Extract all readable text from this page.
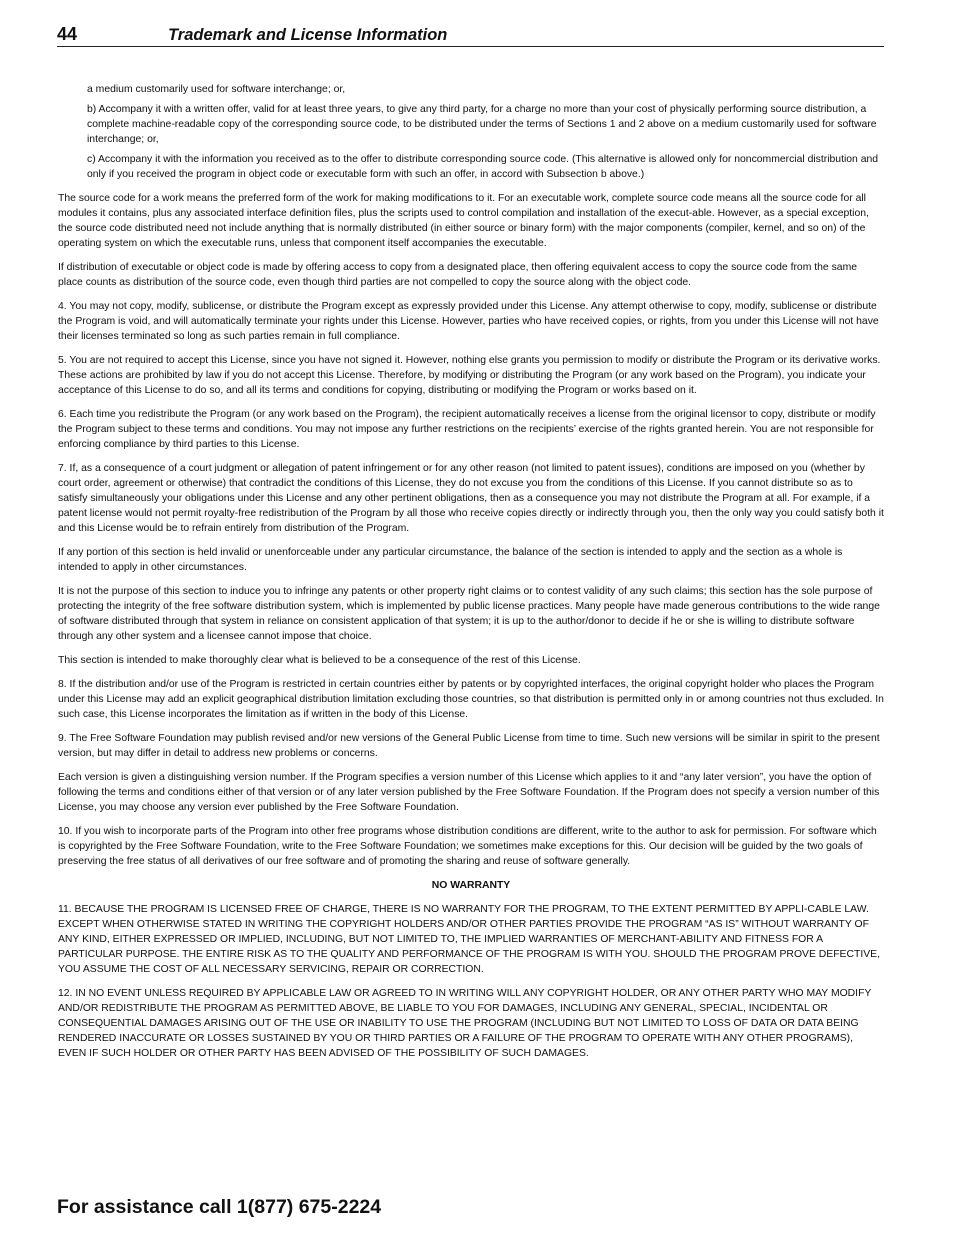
44	Trademark and License Information

a medium customarily used for software interchange; or,

b) Accompany it with a written offer, valid for at least three years, to give any third party, for a charge no more than your cost of physically performing source distribution, a complete machine-readable copy of the corresponding source code, to be distributed under the terms of Sections 1 and 2 above on a medium customarily used for software interchange; or,

c) Accompany it with the information you received as to the offer to distribute corresponding source code. (This alternative is allowed only for noncommercial distribution and only if you received the program in object code or executable form with such an offer, in accord with Subsection b above.)

The source code for a work means the preferred form of the work for making modifications to it. For an executable work, complete source code means all the source code for all modules it contains, plus any associated interface definition files, plus the scripts used to control compilation and installation of the execut-able. However, as a special exception, the source code distributed need not include anything that is normally distributed (in either source or binary form) with the major components (compiler, kernel, and so on) of the operating system on which the executable runs, unless that component itself accompanies the executable.

If distribution of executable or object code is made by offering access to copy from a designated place, then offering equivalent access to copy the source code from the same place counts as distribution of the source code, even though third parties are not compelled to copy the source along with the object code.

4. You may not copy, modify, sublicense, or distribute the Program except as expressly provided under this License. Any attempt otherwise to copy, modify, sublicense or distribute the Program is void, and will automatically terminate your rights under this License. However, parties who have received copies, or rights, from you under this License will not have their licenses terminated so long as such parties remain in full compliance.

5. You are not required to accept this License, since you have not signed it. However, nothing else grants you permission to modify or distribute the Program or its derivative works. These actions are prohibited by law if you do not accept this License. Therefore, by modifying or distributing the Program (or any work based on the Program), you indicate your acceptance of this License to do so, and all its terms and conditions for copying, distributing or modifying the Program or works based on it.

6. Each time you redistribute the Program (or any work based on the Program), the recipient automatically receives a license from the original licensor to copy, distribute or modify the Program subject to these terms and conditions. You may not impose any further restrictions on the recipients’ exercise of the rights granted herein. You are not responsible for enforcing compliance by third parties to this License.

7. If, as a consequence of a court judgment or allegation of patent infringement or for any other reason (not limited to patent issues), conditions are imposed on you (whether by court order, agreement or otherwise) that contradict the conditions of this License, they do not excuse you from the conditions of this License. If you cannot distribute so as to satisfy simultaneously your obligations under this License and any other pertinent obligations, then as a consequence you may not distribute the Program at all. For example, if a patent license would not permit royalty-free redistribution of the Program by all those who receive copies directly or indirectly through you, then the only way you could satisfy both it and this License would be to refrain entirely from distribution of the Program.

If any portion of this section is held invalid or unenforceable under any particular circumstance, the balance of the section is intended to apply and the section as a whole is intended to apply in other circumstances.

It is not the purpose of this section to induce you to infringe any patents or other property right claims or to contest validity of any such claims; this section has the sole purpose of protecting the integrity of the free software distribution system, which is implemented by public license practices. Many people have made generous contributions to the wide range of software distributed through that system in reliance on consistent application of that system; it is up to the author/donor to decide if he or she is willing to distribute software through any other system and a licensee cannot impose that choice.

This section is intended to make thoroughly clear what is believed to be a consequence of the rest of this License.

8. If the distribution and/or use of the Program is restricted in certain countries either by patents or by copyrighted interfaces, the original copyright holder who places the Program under this License may add an explicit geographical distribution limitation excluding those countries, so that distribution is permitted only in or among countries not thus excluded. In such case, this License incorporates the limitation as if written in the body of this License.

9. The Free Software Foundation may publish revised and/or new versions of the General Public License from time to time. Such new versions will be similar in spirit to the present version, but may differ in detail to address new problems or concerns.

Each version is given a distinguishing version number. If the Program specifies a version number of this License which applies to it and “any later version”, you have the option of following the terms and conditions either of that version or of any later version published by the Free Software Foundation. If the Program does not specify a version number of this License, you may choose any version ever published by the Free Software Foundation.

10. If you wish to incorporate parts of the Program into other free programs whose distribution conditions are different, write to the author to ask for permission. For software which is copyrighted by the Free Software Foundation, write to the Free Software Foundation; we sometimes make exceptions for this. Our decision will be guided by the two goals of preserving the free status of all derivatives of our free software and of promoting the sharing and reuse of software generally.

NO WARRANTY

11. BECAUSE THE PROGRAM IS LICENSED FREE OF CHARGE, THERE IS NO WARRANTY FOR THE PROGRAM, TO THE EXTENT PERMITTED BY APPLI-CABLE LAW. EXCEPT WHEN OTHERWISE STATED IN WRITING THE COPYRIGHT HOLDERS AND/OR OTHER PARTIES PROVIDE THE PROGRAM “AS IS” WITHOUT WARRANTY OF ANY KIND, EITHER EXPRESSED OR IMPLIED, INCLUDING, BUT NOT LIMITED TO, THE IMPLIED WARRANTIES OF MERCHANT-ABILITY AND FITNESS FOR A PARTICULAR PURPOSE. THE ENTIRE RISK AS TO THE QUALITY AND PERFORMANCE OF THE PROGRAM IS WITH YOU. SHOULD THE PROGRAM PROVE DEFECTIVE, YOU ASSUME THE COST OF ALL NECESSARY SERVICING, REPAIR OR CORRECTION.

12. IN NO EVENT UNLESS REQUIRED BY APPLICABLE LAW OR AGREED TO IN WRITING WILL ANY COPYRIGHT HOLDER, OR ANY OTHER PARTY WHO MAY MODIFY AND/OR REDISTRIBUTE THE PROGRAM AS PERMITTED ABOVE, BE LIABLE TO YOU FOR DAMAGES, INCLUDING ANY GENERAL, SPECIAL, INCIDENTAL OR CONSEQUENTIAL DAMAGES ARISING OUT OF THE USE OR INABILITY TO USE THE PROGRAM (INCLUDING BUT NOT LIMITED TO LOSS OF DATA OR DATA BEING RENDERED INACCURATE OR LOSSES SUSTAINED BY YOU OR THIRD PARTIES OR A FAILURE OF THE PROGRAM TO OPERATE WITH ANY OTHER PROGRAMS), EVEN IF SUCH HOLDER OR OTHER PARTY HAS BEEN ADVISED OF THE POSSIBILITY OF SUCH DAMAGES.

For assistance call 1(877) 675-2224
